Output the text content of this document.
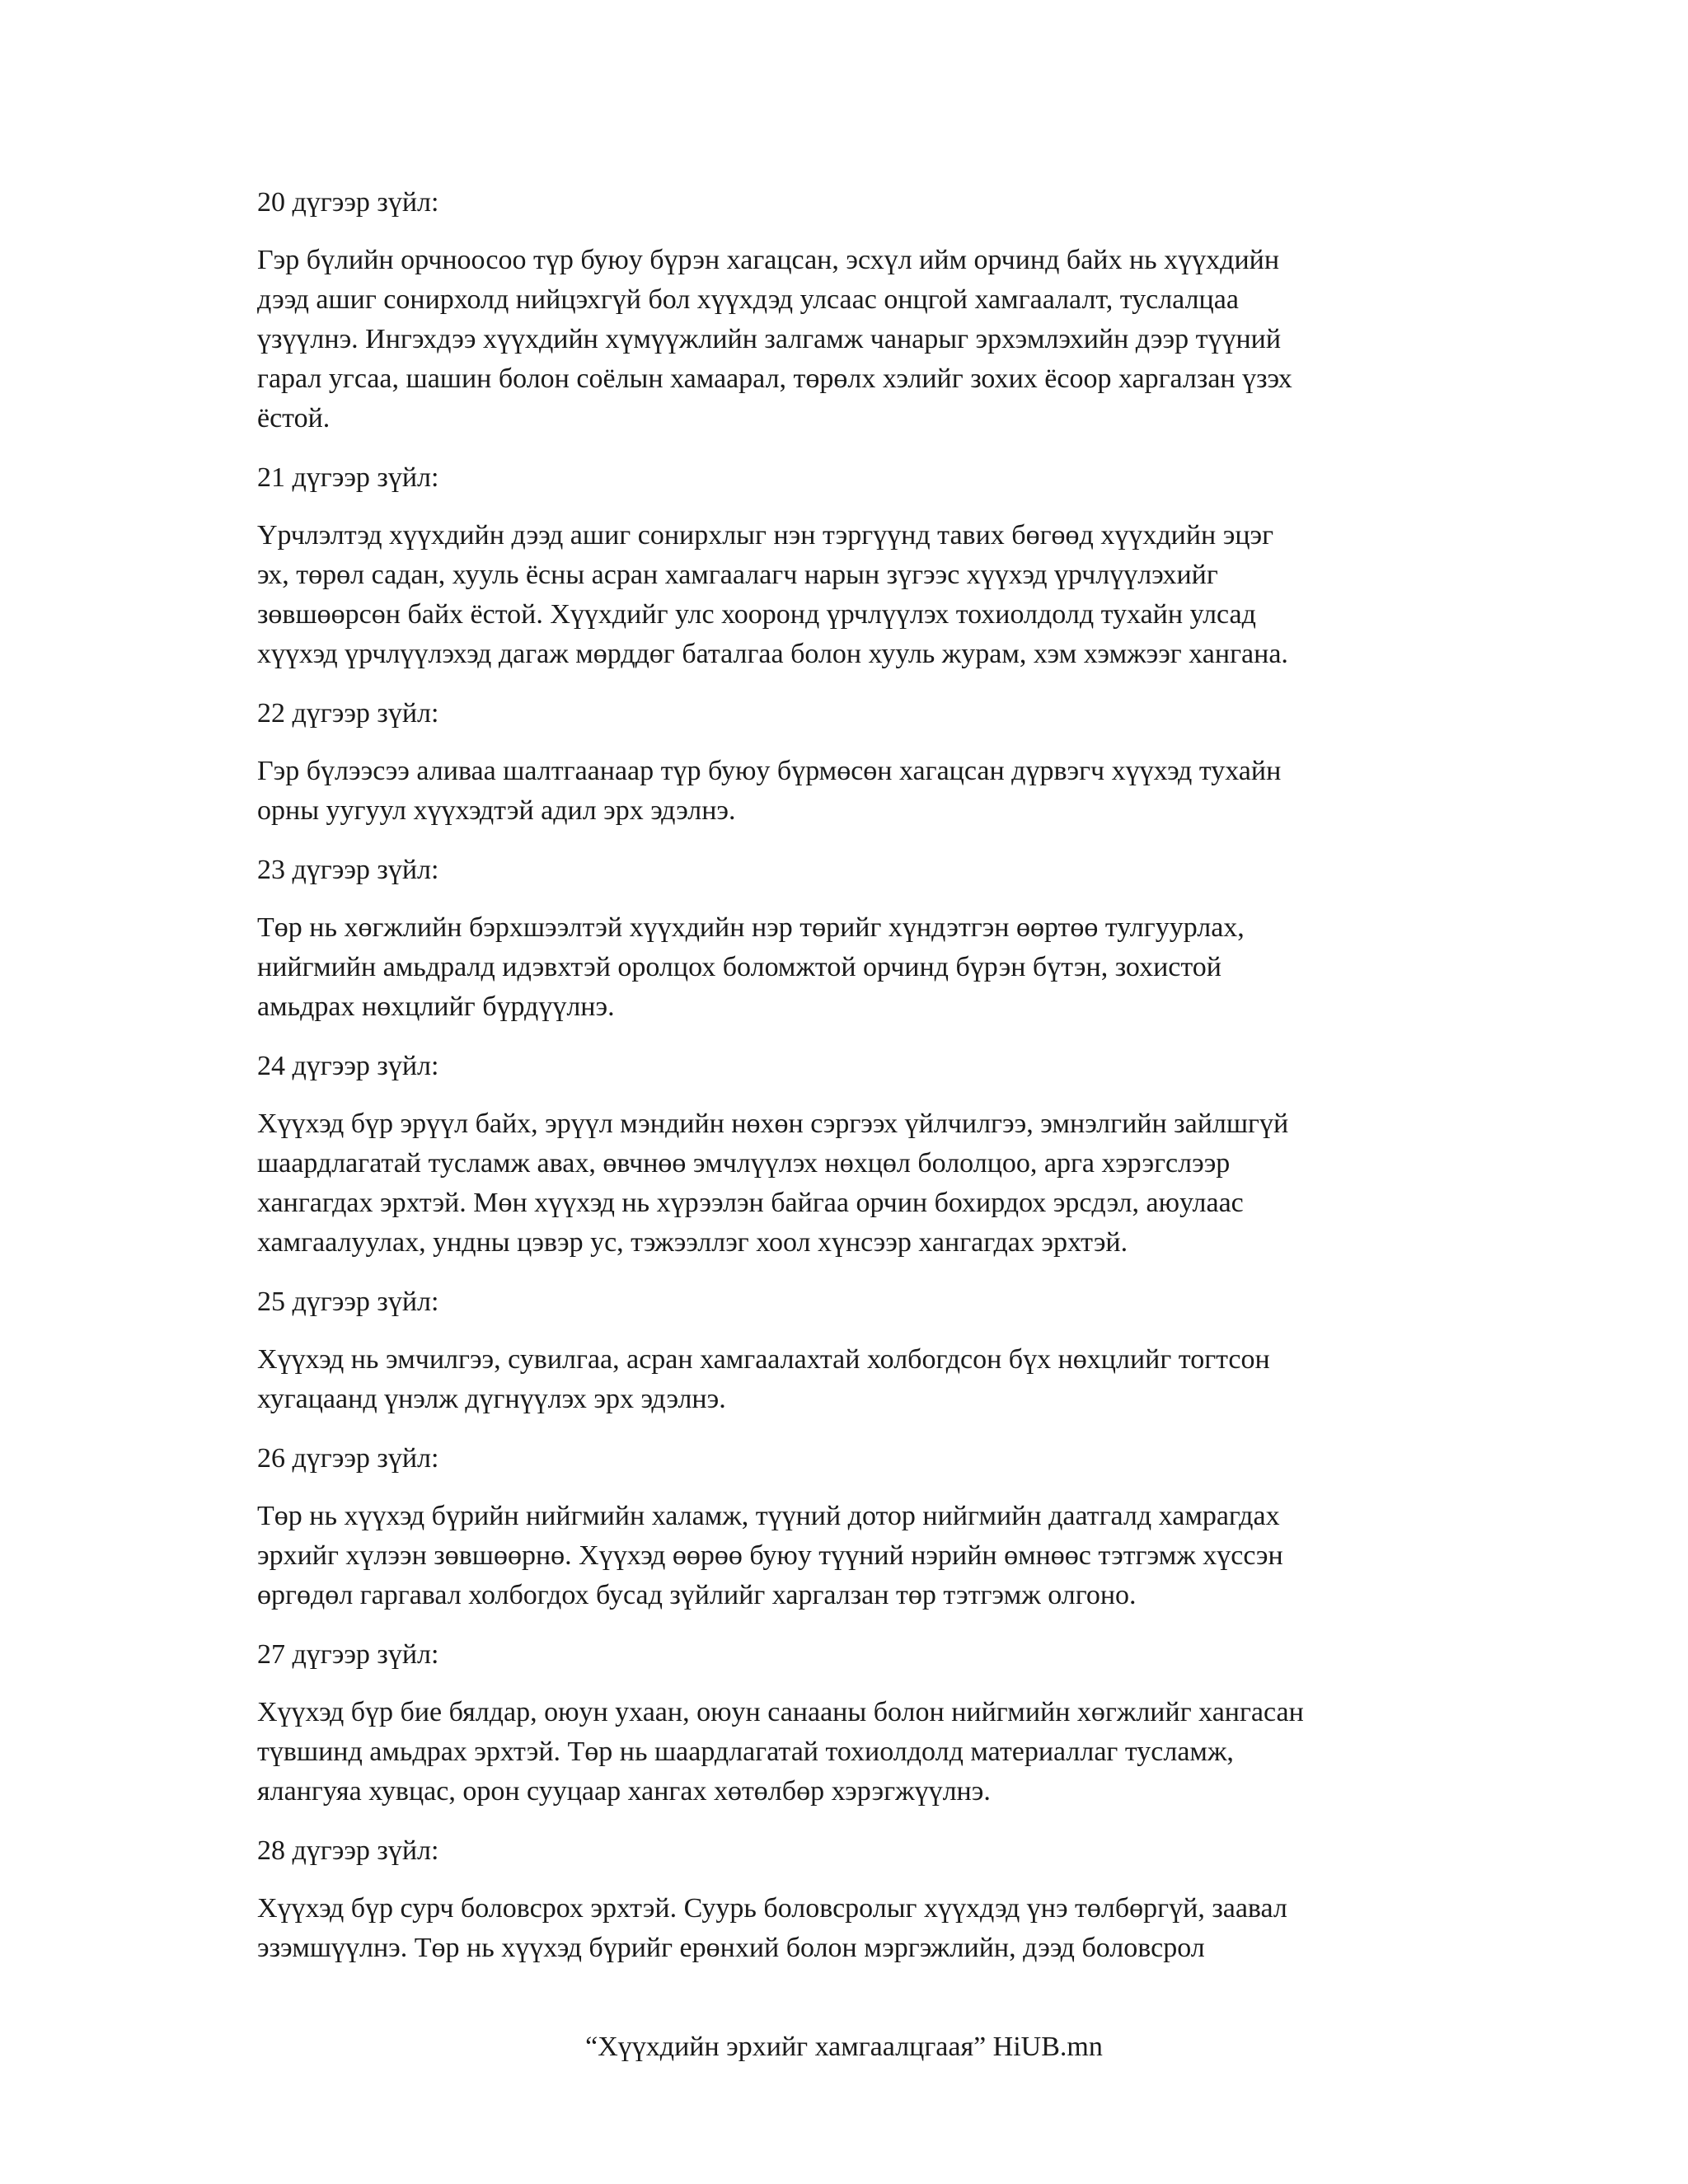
20 дүгээр зүйл:

Гэр бүлийн орчноосоо түр буюу бүрэн хагацсан, эсхүл ийм орчинд байх нь хүүхдийн
дээд ашиг сонирхолд нийцэхгүй бол хүүхдэд улсаас онцгой хамгаалалт, туслалцаа
үзүүлнэ. Ингэхдээ хүүхдийн хүмүүжлийн залгамж чанарыг эрхэмлэхийн дээр түүний
гарал угсаа, шашин болон соёлын хамаарал, төрөлх хэлийг зохих ёсоор харгалзан үзэх
ёстой.

21 дүгээр зүйл:

Үрчлэлтэд хүүхдийн дээд ашиг сонирхлыг нэн тэргүүнд тавих бөгөөд хүүхдийн эцэг
эх, төрөл садан, хууль ёсны асран хамгаалагч нарын зүгээс хүүхэд үрчлүүлэхийг
зөвшөөрсөн байх ёстой. Хүүхдийг улс хооронд үрчлүүлэх тохиолдолд тухайн улсад
хүүхэд үрчлүүлэхэд дагаж мөрддөг баталгаа болон хууль журам, хэм хэмжээг хангана.

22 дүгээр зүйл:

Гэр бүлээсээ аливаа шалтгаанаар түр буюу бүрмөсөн хагацсан дүрвэгч хүүхэд тухайн
орны уугуул хүүхэдтэй адил эрх эдэлнэ.

23 дүгээр зүйл:

Төр нь хөгжлийн бэрхшээлтэй хүүхдийн нэр төрийг хүндэтгэн өөртөө тулгуурлах,
нийгмийн амьдралд идэвхтэй оролцох боломжтой орчинд бүрэн бүтэн, зохистой
амьдрах нөхцлийг бүрдүүлнэ.

24 дүгээр зүйл:

Хүүхэд бүр эрүүл байх, эрүүл мэндийн нөхөн сэргээх үйлчилгээ, эмнэлгийн зайлшгүй
шаардлагатай тусламж авах, өвчнөө эмчлүүлэх нөхцөл бололцоо, арга хэрэгслээр
хангагдах эрхтэй. Мөн хүүхэд нь хүрээлэн байгаа орчин бохирдох эрсдэл, аюулаас
хамгаалуулах, ундны цэвэр ус, тэжээллэг хоол хүнсээр хангагдах эрхтэй.

25 дүгээр зүйл:

Хүүхэд нь эмчилгээ, сувилгаа, асран хамгаалахтай холбогдсон бүх нөхцлийг тогтсон
хугацаанд үнэлж дүгнүүлэх эрх эдэлнэ.

26 дүгээр зүйл:

Төр нь хүүхэд бүрийн нийгмийн халамж, түүний дотор нийгмийн даатгалд хамрагдах
эрхийг хүлээн зөвшөөрнө. Хүүхэд өөрөө буюу түүний нэрийн өмнөөс тэтгэмж хүссэн
өргөдөл гаргавал холбогдох бусад зүйлийг харгалзан төр тэтгэмж олгоно.

27 дүгээр зүйл:

Хүүхэд бүр бие бялдар, оюун ухаан, оюун санааны болон нийгмийн хөгжлийг хангасан
түвшинд амьдрах эрхтэй. Төр нь шаардлагатай тохиолдолд материаллаг тусламж,
ялангуяа хувцас, орон сууцаар хангах хөтөлбөр хэрэгжүүлнэ.

28 дүгээр зүйл:

Хүүхэд бүр сурч боловсрох эрхтэй. Суурь боловсролыг хүүхдэд үнэ төлбөргүй, заавал
эзэмшүүлнэ. Төр нь хүүхэд бүрийг ерөнхий болон мэргэжлийн, дээд боловсрол

“Хүүхдийн эрхийг хамгаалцгаая” HiUB.mn
